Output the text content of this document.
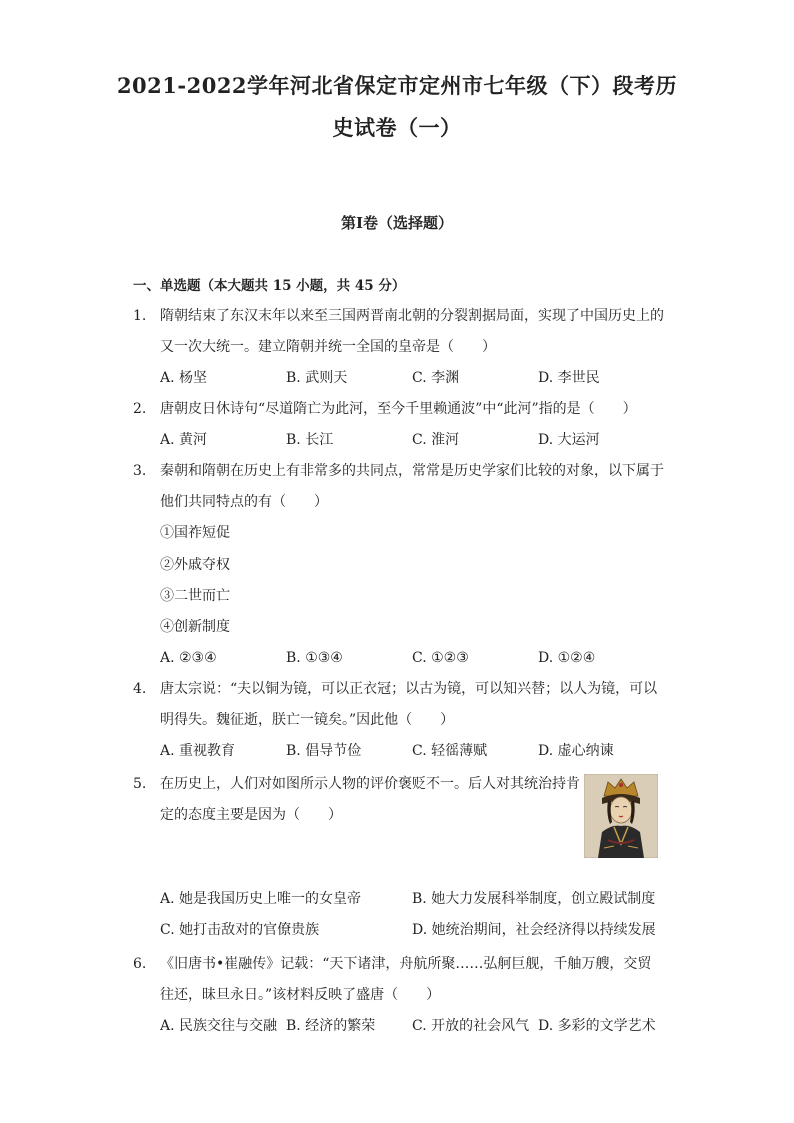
2021-2022学年河北省保定市定州市七年级（下）段考历
史试卷（一）
第I卷（选择题）
一、单选题（本大题共 15 小题，共 45 分）
1. 隋朝结束了东汉末年以来至三国两晋南北朝的分裂割据局面，实现了中国历史上的
又一次大统一。建立隋朝并统一全国的皇帝是（　　）
A. 杨坚	B. 武则天	C. 李渊	D. 李世民
2. 唐朝皮日休诗句“尽道隋亡为此河，至今千里赖通波”中“此河”指的是（　　）
A. 黄河	B. 长江	C. 淮河	D. 大运河
3. 秦朝和隋朝在历史上有非常多的共同点，常常是历史学家们比较的对象，以下属于
他们共同特点的有（　　）
①国祚短促
②外戚夺权
③二世而亡
④创新制度
A. ②③④	B. ①③④	C. ①②③	D. ①②④
4. 唐太宗说：“夫以铜为镜，可以正衣冠；以古为镜，可以知兴替；以人为镜，可以
明得失。魏征逝，朕亡一镜矣。”因此他（　　）
A. 重视教育	B. 倡导节俭	C. 轻徭薄赋	D. 虚心纳谏
5. 在历史上，人们对如图所示人物的评价褒贬不一。后人对其统治持肯
定的态度主要是因为（　　）
A. 她是我国历史上唯一的女皇帝	B. 她大力发展科举制度，创立殿试制度
C. 她打击敌对的官僚贵族	D. 她统治期间，社会经济得以持续发展
6. 《旧唐书•崔融传》记载：“天下诸津，舟航所聚……弘舸巨舰，千舳万艘，交贸
往还，昧旦永日。”该材料反映了盛唐（　　）
A. 民族交往与交融 B. 经济的繁荣	C. 开放的社会风气 D. 多彩的文学艺术
